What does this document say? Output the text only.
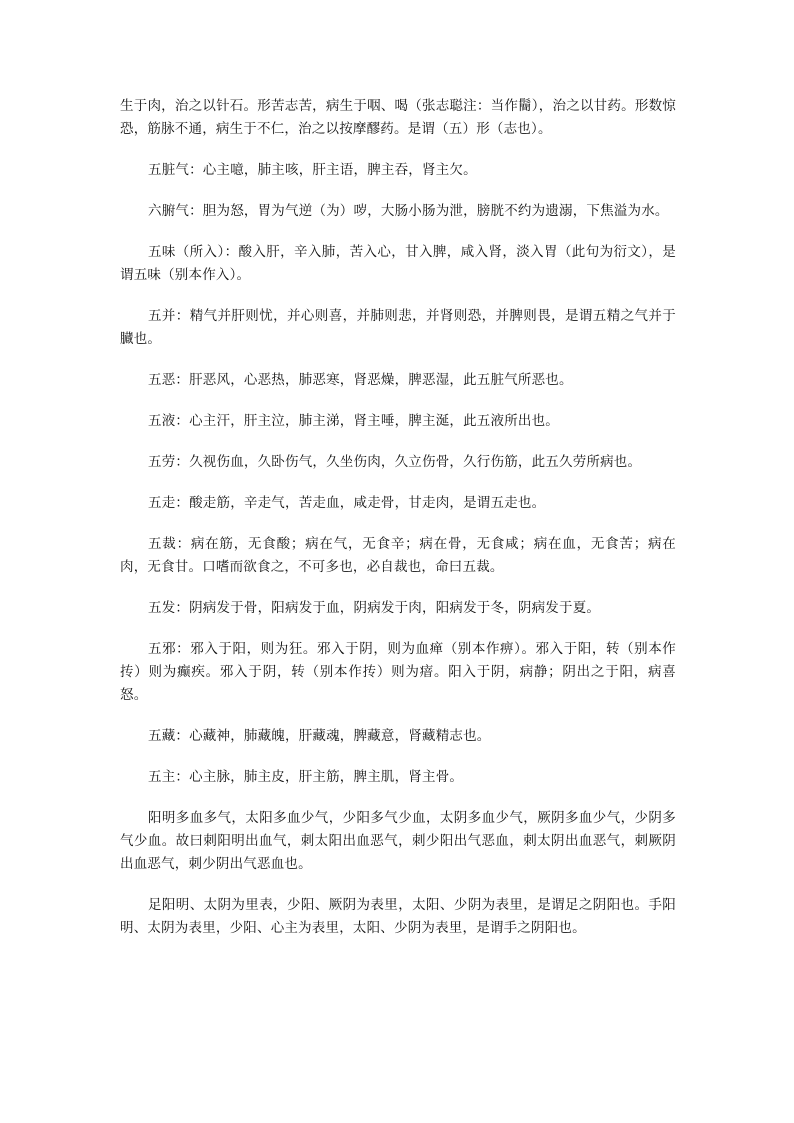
生于肉，治之以针石。形苦志苦，病生于咽、喝（张志聪注：当作鬝），治之以甘药。形数惊恐，筋脉不通，病生于不仁，治之以按摩醪药。是谓（五）形（志也）。

五脏气：心主噫，肺主咳，肝主语，脾主吞，肾主欠。

六腑气：胆为怒，胃为气逆（为）哕，大肠小肠为泄，膀胱不约为遗溺，下焦溢为水。

五味（所入）：酸入肝，辛入肺，苦入心，甘入脾，咸入肾，淡入胃（此句为衍文），是谓五味（别本作入）。

五并：精气并肝则忧，并心则喜，并肺则悲，并肾则恐，并脾则畏，是谓五精之气并于臓也。

五恶：肝恶风，心恶热，肺恶寒，肾恶燥，脾恶湿，此五脏气所恶也。

五液：心主汗，肝主泣，肺主涕，肾主唾，脾主涎，此五液所出也。

五劳：久视伤血，久卧伤气，久坐伤肉，久立伤骨，久行伤筋，此五久劳所病也。

五走：酸走筋，辛走气，苦走血，咸走骨，甘走肉，是谓五走也。

五裁：病在筋，无食酸；病在气，无食辛；病在骨，无食咸；病在血，无食苦；病在肉，无食甘。口嗜而欲食之，不可多也，必自裁也，命曰五裁。

五发：阴病发于骨，阳病发于血，阴病发于肉，阳病发于冬，阴病发于夏。

五邪：邪入于阳，则为狂。邪入于阴，则为血瘅（别本作痹）。邪入于阳，转（别本作抟）则为癫疾。邪入于阴，转（别本作抟）则为瘖。阳入于阴，病静；阴出之于阳，病喜怒。

五藏：心藏神，肺藏魄，肝藏魂，脾藏意，肾藏精志也。

五主：心主脉，肺主皮，肝主筋，脾主肌，肾主骨。

阳明多血多气，太阳多血少气，少阳多气少血，太阴多血少气，厥阴多血少气，少阴多气少血。故曰刺阳明出血气，刺太阳出血恶气，刺少阳出气恶血，刺太阴出血恶气，刺厥阴出血恶气，刺少阴出气恶血也。

足阳明、太阴为里表，少阳、厥阴为表里，太阳、少阴为表里，是谓足之阴阳也。手阳明、太阴为表里，少阳、心主为表里，太阳、少阴为表里，是谓手之阴阳也。
